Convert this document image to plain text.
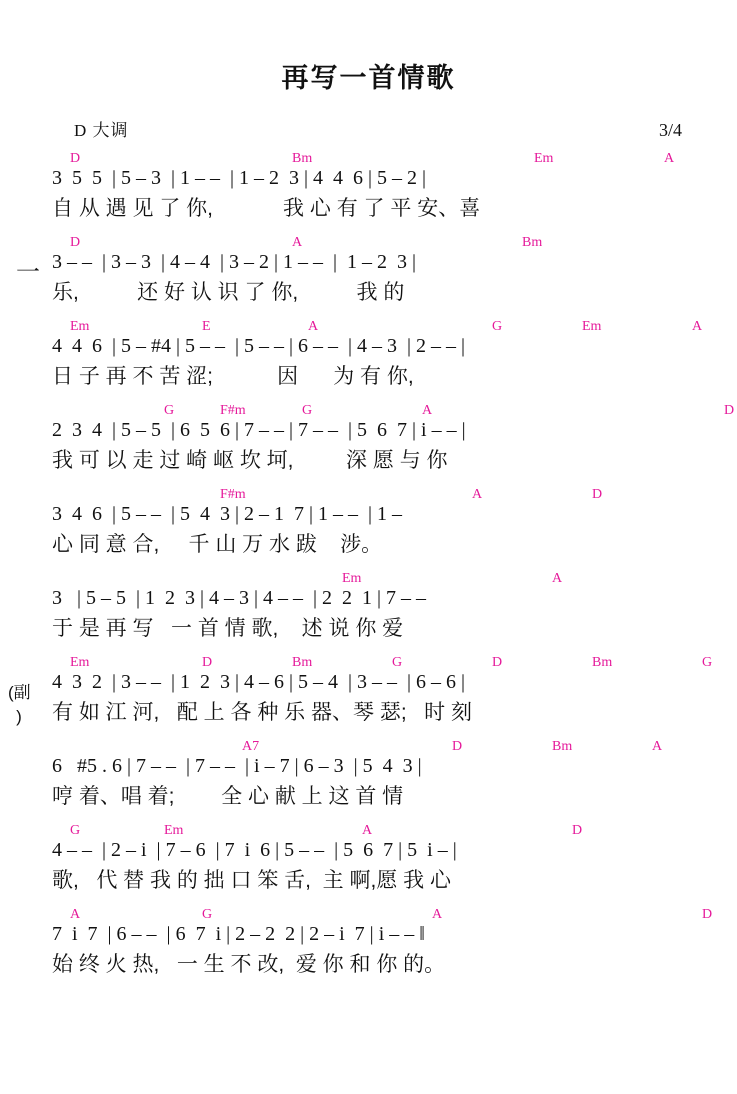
再写一首情歌
D 大调	3/4
一
(副
)
D	Bm	Em	A
3  5  5  | 5 – 3  | 1 – –  | 1 – 2  3 | 4  4  6 | 5 – 2 |
自 从 遇 见 了 你,            我 心 有 了 平 安、喜
D	A	Bm
3 – –  | 3 – 3  | 4 – 4  | 3 – 2 | 1 – –  |  1 – 2  3 |
乐,          还 好 认 识 了 你,          我 的
Em	E	A	G	Em	A
4  4  6  | 5 – #4 | 5 – –  | 5 – – | 6 – –  | 4 – 3  | 2 – – |
日 子 再 不 苦 涩;           因      为 有 你,
G	F#m	G	A	D
2  3  4  | 5 – 5  | 6  5  6 | 7 – – | 7 – –  | 5  6  7 | i – – |
我 可 以 走 过 崎 岖 坎 坷,         深 愿 与 你
F#m	A	D
3  4  6  | 5 – –  | 5  4  3 | 2 – 1  7 | 1 – –  | 1 –
心 同 意 合,     千 山 万 水 跋    涉。
Em	A
3   | 5 – 5  | 1  2  3 | 4 – 3 | 4 – –  | 2  2  1 | 7 – –
于 是 再 写   一 首 情 歌,    述 说 你 爱
Em	D	Bm	G	D	Bm	G
4  3  2  | 3 – –  | 1  2  3 | 4 – 6 | 5 – 4  | 3 – –  | 6 – 6 |
有 如 江 河,   配 上 各 种 乐 器、琴 瑟;   时 刻
A7	D	Bm	A
6   #5 . 6 | 7 – –  | 7 – –  | i – 7 | 6 – 3  | 5  4  3 |
哼 着、唱 着;        全 心 献 上 这 首 情
G	Em	A	D
4 – –  | 2 – i  | 7 – 6  | 7  i  6 | 5 – –  | 5  6  7 | 5  i – |
歌,   代 替 我 的 拙 口 笨 舌,  主 啊,愿 我 心
A	G	A	D
7  i  7  | 6 – –  | 6  7  i | 2 – 2  2 | 2 – i  7 | i – – ‖
始 终 火 热,   一 生 不 改,  爱 你 和 你 的。
